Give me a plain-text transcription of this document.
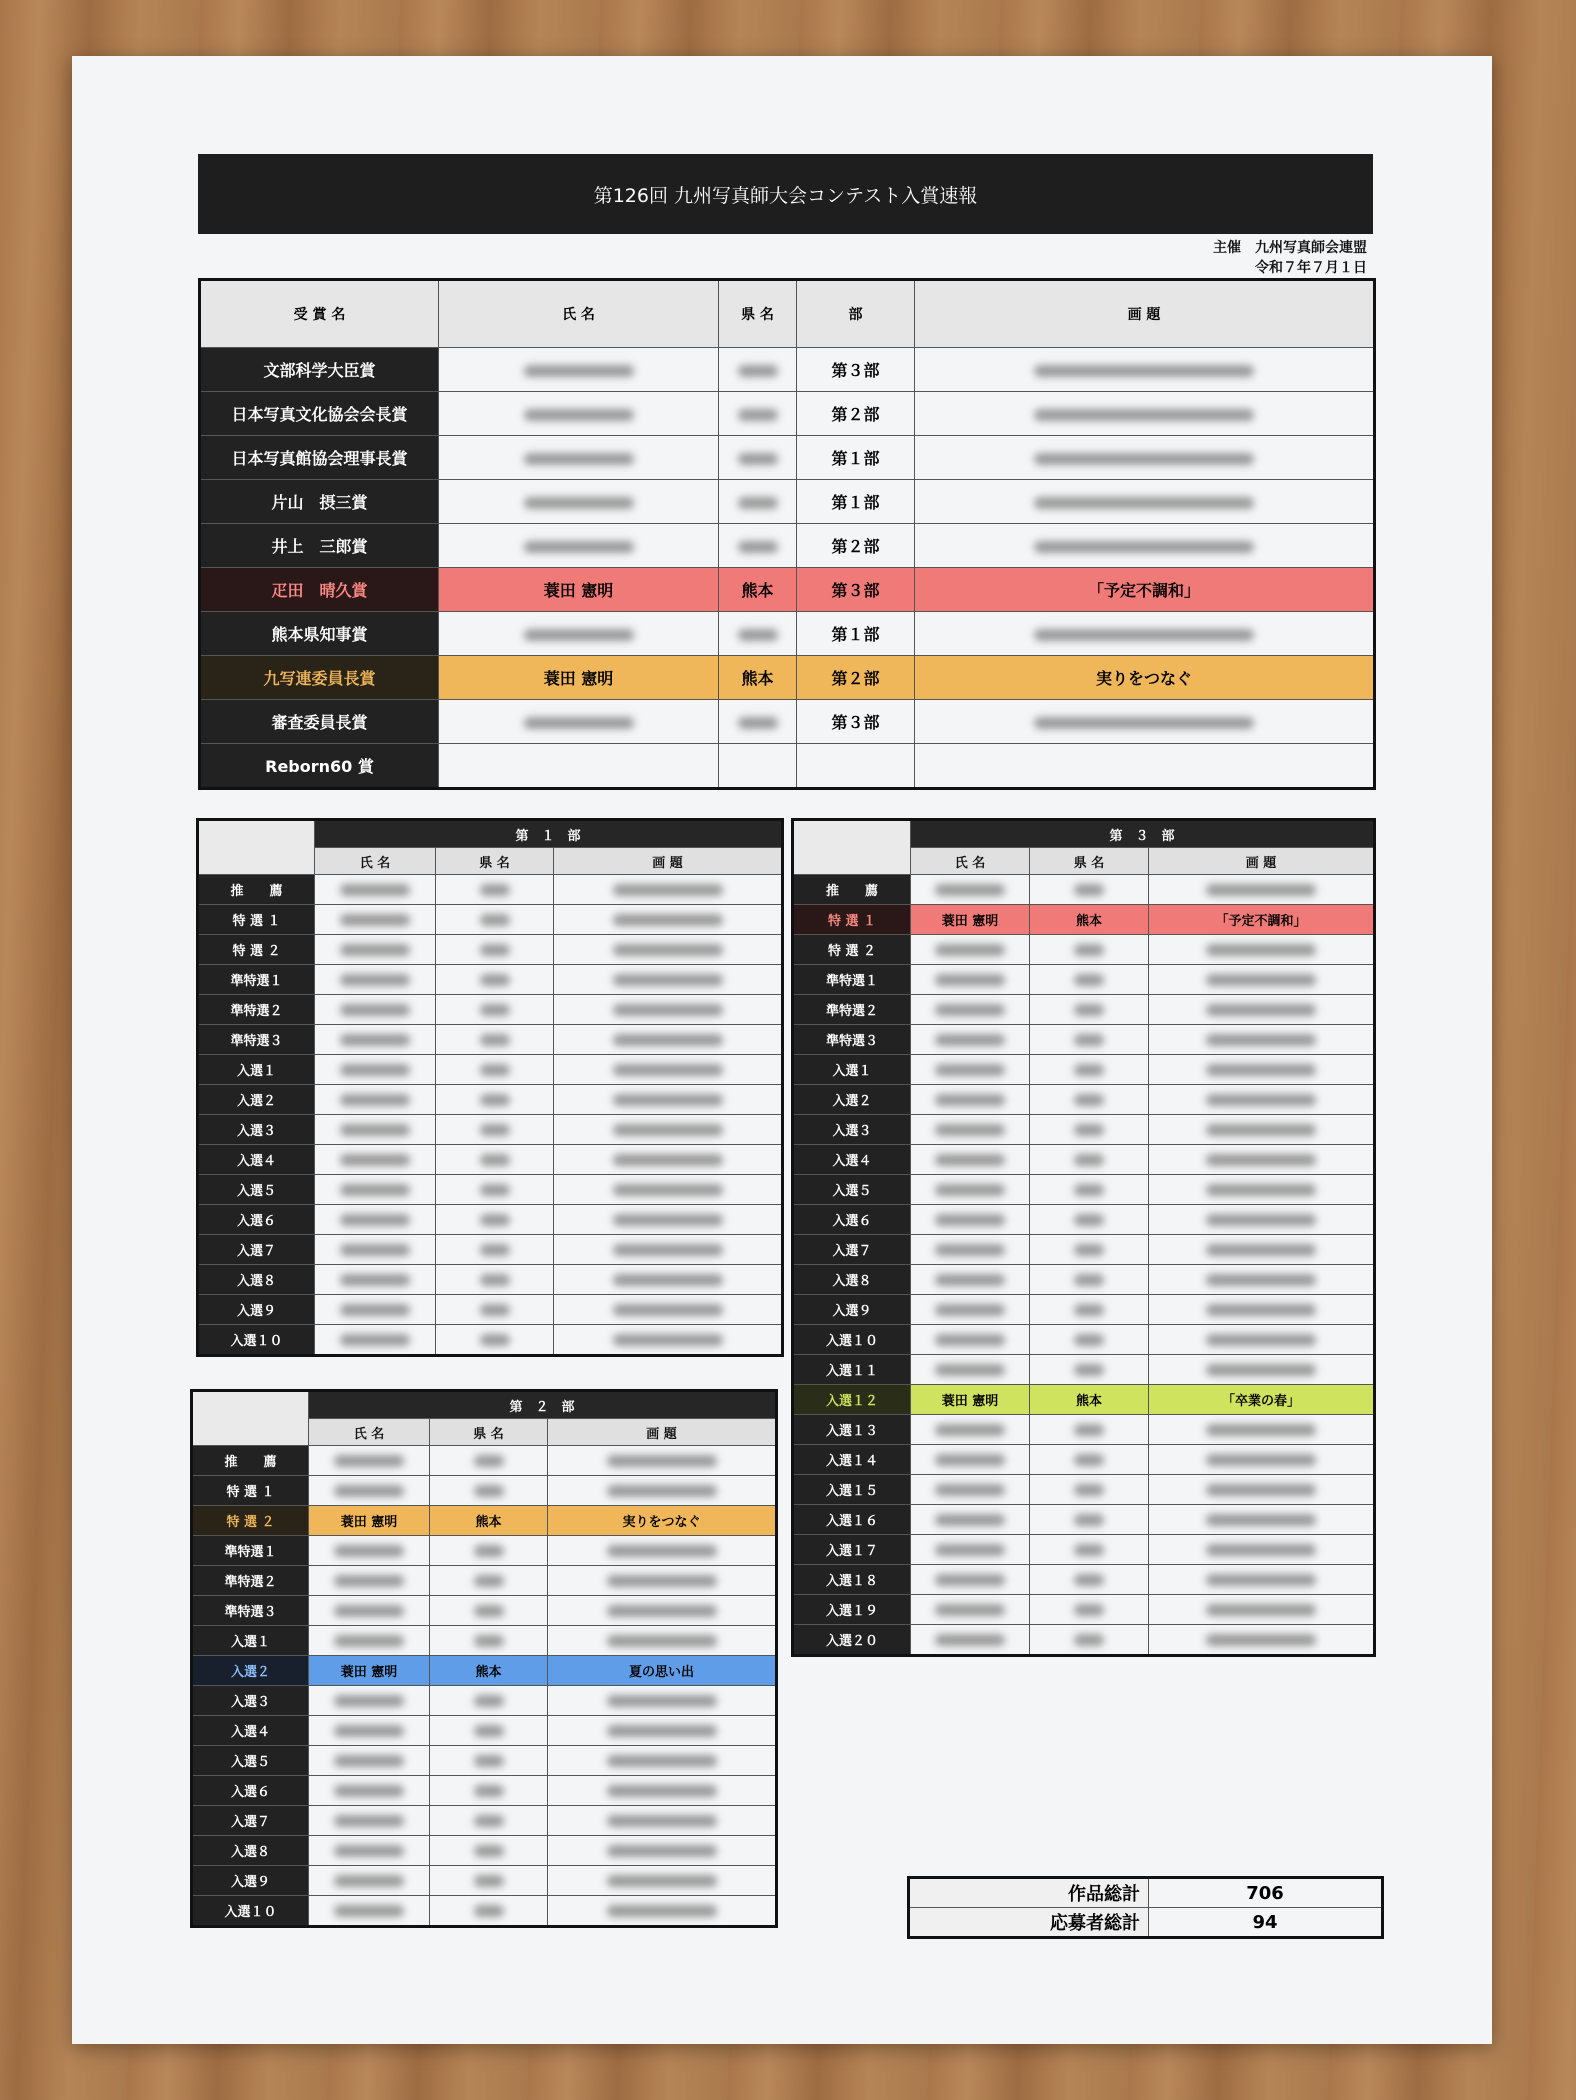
第126回 九州写真師大会コンテスト入賞速報
主催　九州写真師会連盟
令和７年７月１日
受 賞 名	氏 名	県 名	部	画 題
文部科学大臣賞			第３部	
日本写真文化協会会長賞			第２部	
日本写真館協会理事長賞			第１部	
片山　摂三賞			第１部	
井上　三郎賞			第２部	
疋田　晴久賞	蓑田 憲明	熊本	第３部	「予定不調和」
熊本県知事賞			第１部	
九写連委員長賞	蓑田 憲明	熊本	第２部	実りをつなぐ
審査委員長賞			第３部	
Reborn60 賞				
	第　１　部		
	氏 名	県 名	画 題
推　　薦			
特 選 １			
特 選 ２			
準特選１			
準特選２			
準特選３			
入選１			
入選２			
入選３			
入選４			
入選５			
入選６			
入選７			
入選８			
入選９			
入選１０			
	第　２　部		
	氏 名	県 名	画 題
推　　薦			
特 選 １			
特 選 ２	蓑田 憲明	熊本	実りをつなぐ
準特選１			
準特選２			
準特選３			
入選１			
入選２	蓑田 憲明	熊本	夏の思い出
入選３			
入選４			
入選５			
入選６			
入選７			
入選８			
入選９			
入選１０			
	第　３　部		
	氏 名	県 名	画 題
推　　薦			
特 選 １	蓑田 憲明	熊本	「予定不調和」
特 選 ２			
準特選１			
準特選２			
準特選３			
入選１			
入選２			
入選３			
入選４			
入選５			
入選６			
入選７			
入選８			
入選９			
入選１０			
入選１１			
入選１２	蓑田 憲明	熊本	「卒業の春」
入選１３			
入選１４			
入選１５			
入選１６			
入選１７			
入選１８			
入選１９			
入選２０			
作品総計	706
応募者総計	94
